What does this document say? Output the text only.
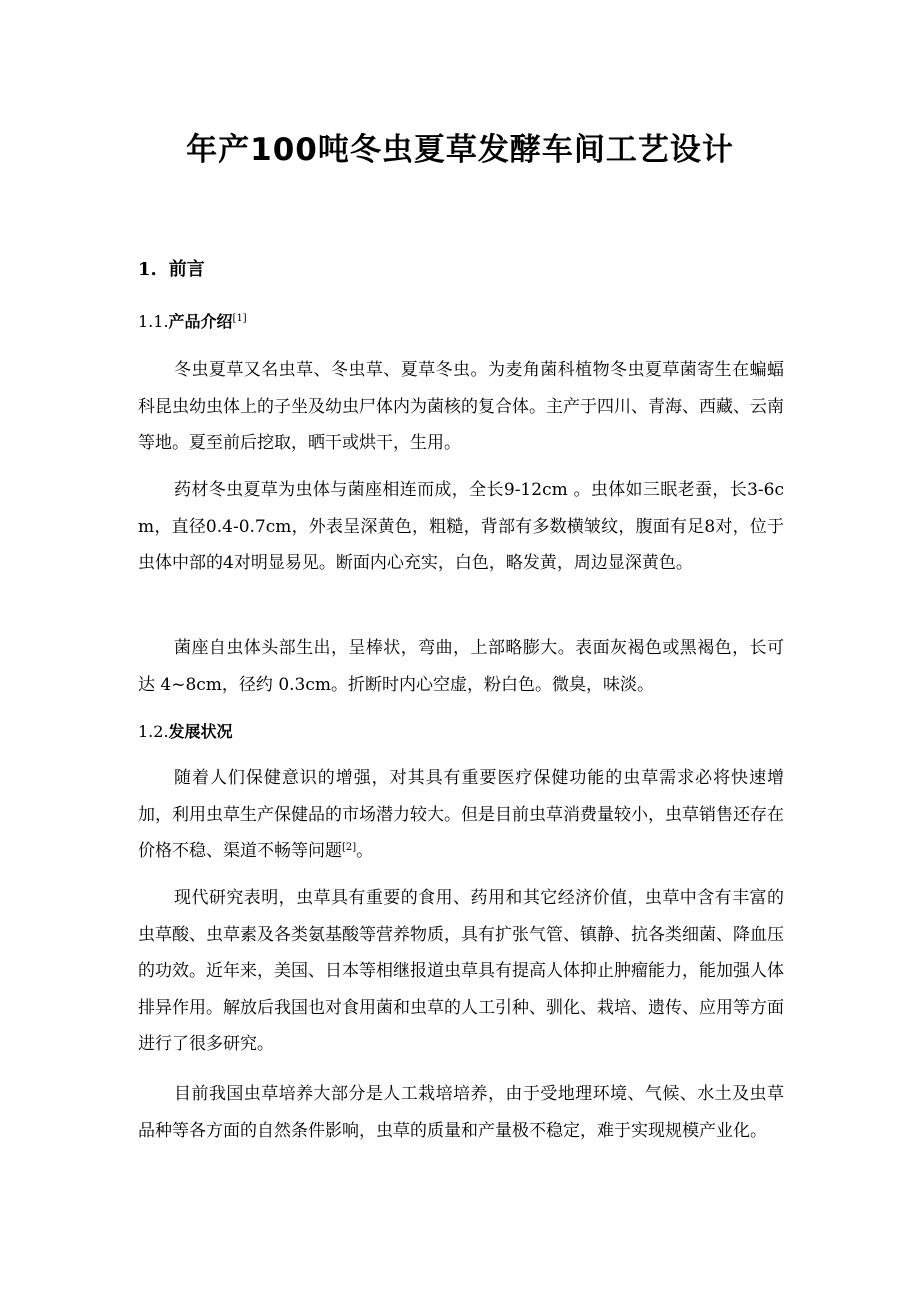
年产100吨冬虫夏草发酵车间工艺设计
1. 前言
1.1.产品介绍[1]

冬虫夏草又名虫草、冬虫草、夏草冬虫。为麦角菌科植物冬虫夏草菌寄生在蝙蝠科昆虫幼虫体上的子坐及幼虫尸体内为菌核的复合体。主产于四川、青海、西藏、云南等地。夏至前后挖取，晒干或烘干，生用。

药材冬虫夏草为虫体与菌座相连而成，全长9-12cm 。虫体如三眠老蚕，长3-6cm，直径0.4-0.7cm，外表呈深黄色，粗糙，背部有多数横皱纹，腹面有足8对，位于虫体中部的4对明显易见。断面内心充实，白色，略发黄，周边显深黄色。

菌座自虫体头部生出，呈棒状，弯曲，上部略膨大。表面灰褐色或黑褐色，长可达 4~8cm，径约 0.3cm。折断时内心空虚，粉白色。微臭，味淡。

1.2.发展状况

随着人们保健意识的增强，对其具有重要医疗保健功能的虫草需求必将快速增加，利用虫草生产保健品的市场潜力较大。但是目前虫草消费量较小，虫草销售还存在价格不稳、渠道不畅等问题[2]。

现代研究表明，虫草具有重要的食用、药用和其它经济价值，虫草中含有丰富的虫草酸、虫草素及各类氨基酸等营养物质，具有扩张气管、镇静、抗各类细菌、降血压的功效。近年来，美国、日本等相继报道虫草具有提高人体抑止肿瘤能力，能加强人体排异作用。解放后我国也对食用菌和虫草的人工引种、驯化、栽培、遗传、应用等方面进行了很多研究。

目前我国虫草培养大部分是人工栽培培养，由于受地理环境、气候、水土及虫草品种等各方面的自然条件影响，虫草的质量和产量极不稳定，难于实现规模产业化。
